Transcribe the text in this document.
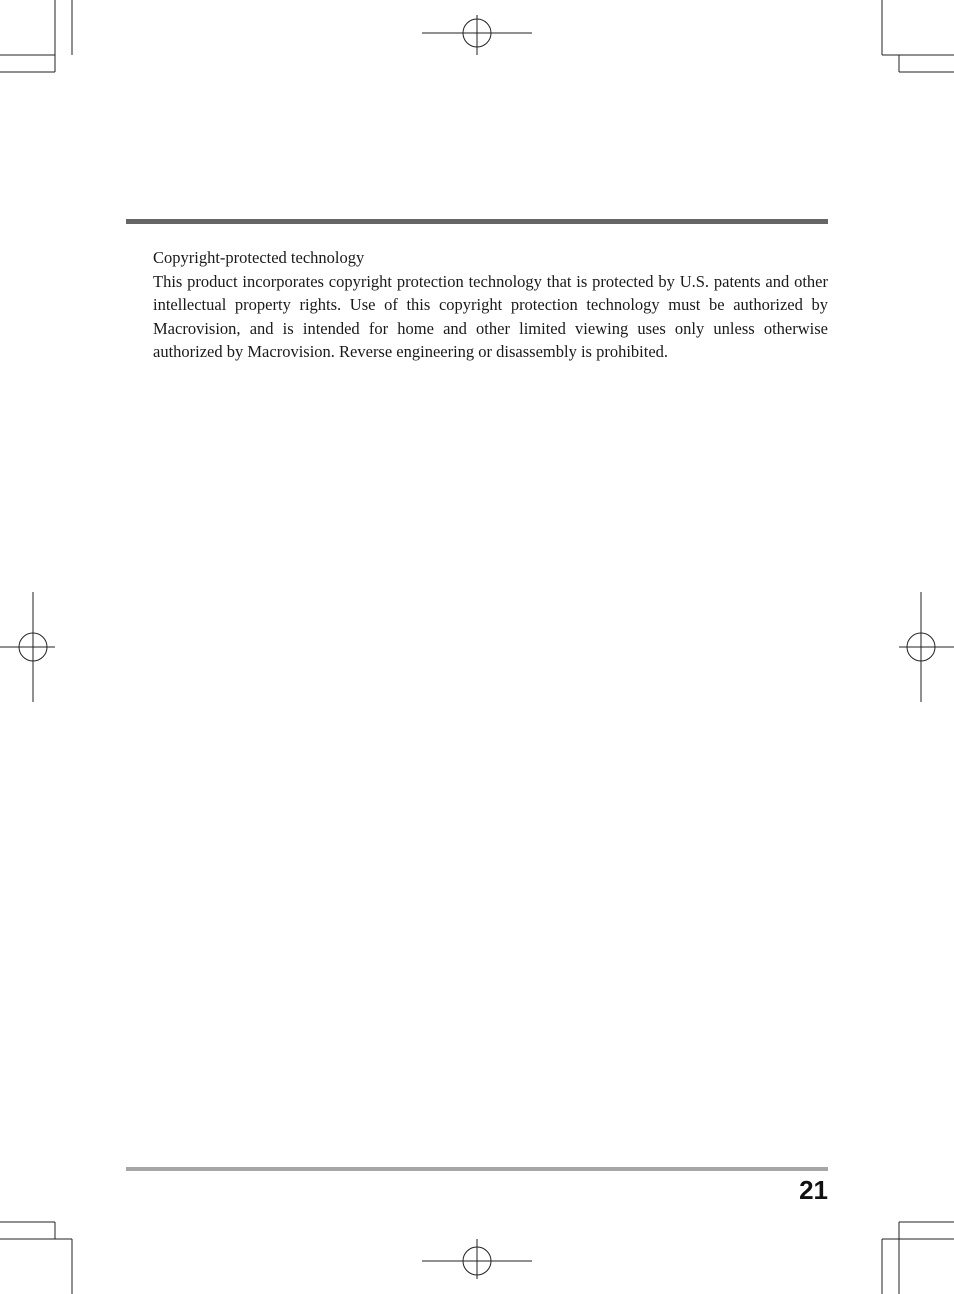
Copyright-protected technology

This product incorporates copyright protection technology that is protected by U.S. patents and other intellectual property rights. Use of this copyright protection technology must be authorized by Macrovision, and is intended for home and other limited viewing uses only unless otherwise authorized by Macrovision. Reverse engineering or disassembly is prohibited.

21
